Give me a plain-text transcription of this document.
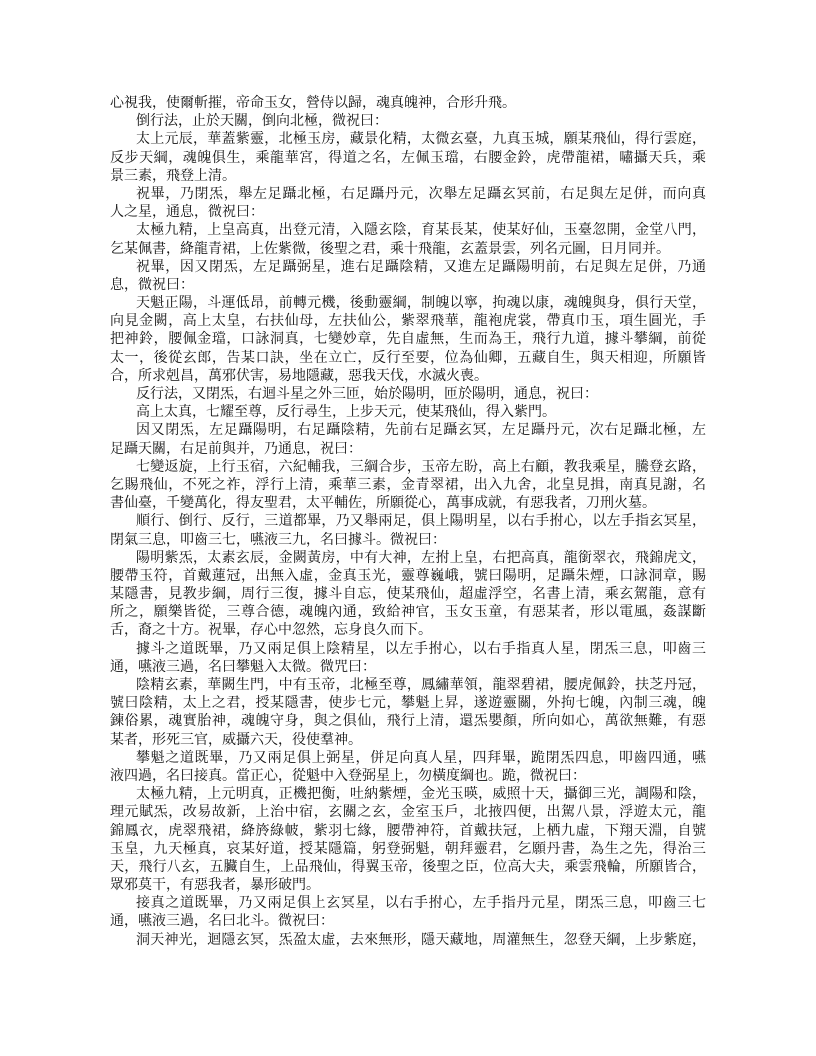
心視我，使爾斬摧，帝命玉女，營侍以歸，魂真魄神，合形升飛。
倒行法，止於天關，倒向北極，微祝曰：
太上元辰，華蓋紫靈，北極玉房，藏景化精，太微玄臺，九真玉城，願某飛仙，得行雲庭，
反步天綱，魂魄俱生，乘龍華宮，得道之名，左佩玉璫，右腰金鈴，虎帶龍裙，嘯攝天兵，乘
景三素，飛登上清。
祝畢，乃閉炁，舉左足躡北極，右足躡丹元，次舉左足躡玄冥前，右足與左足併，而向真
人之星，通息，微祝曰：
太極九精，上皇高真，出登元清，入隱玄陰，育某長某，使某好仙，玉臺忽開，金堂八門，
乞某佩書，絳龍青裙，上佐紫微，後聖之君，乘十飛龍，玄蓋景雲，列名元圖，日月同并。
祝畢，因又閉炁，左足躡弼星，進右足躡陰精，又進左足躡陽明前，右足與左足併，乃通
息，微祝曰：
天魁正陽，斗運低昂，前轉元機，後動靈綱，制魄以寧，拘魂以康，魂魄與身，俱行天堂，
向見金闕，高上太皇，右扶仙母，左扶仙公，紫翠飛華，龍袍虎裳，帶真巾玉，項生圓光，手
把神鈴，腰佩金璫，口詠洞真，七變妙章，先自虛無，生而為王，飛行九道，據斗攀綱，前從
太一，後從玄郎，告某口訣，坐在立亡，反行至要，位為仙卿，五藏自生，與天相迎，所願皆
合，所求剋昌，萬邪伏害，易地隱藏，惡我天伐，水滅火喪。
反行法，又閉炁，右迴斗星之外三匝，始於陽明，匝於陽明，通息，祝曰：
高上太真，七耀至尊，反行尋生，上步天元，使某飛仙，得入紫門。
因又閉炁，左足躡陽明，右足躡陰精，先前右足躡玄冥，左足躡丹元，次右足躡北極，左
足躡天關，右足前與并，乃通息，祝曰：
七變返旋，上行玉宿，六紀輔我，三綱合步，玉帝左盼，高上右顧，教我乘星，騰登玄路，
乞賜飛仙，不死之祚，浮行上清，乘華三素，金青翠裙，出入九舍，北皇見揖，南真見謝，名
書仙臺，千變萬化，得友聖君，太平輔佐，所願從心，萬事成就，有惡我者，刀刑火墓。
順行、倒行、反行，三道都畢，乃又舉兩足，俱上陽明星，以右手拊心，以左手指玄冥星，
閉氣三息，叩齒三七，嚥液三九，名曰據斗。微祝曰：
陽明紫炁，太素玄辰，金闕黃房，中有大神，左拊上皇，右把高真，龍銜翠衣，飛錦虎文，
腰帶玉符，首戴蓮冠，出無入虛，金真玉光，靈尊巍峨，號曰陽明，足躡朱煙，口詠洞章，賜
某隱書，見教步綱，周行三復，據斗自忘，使某飛仙，超虛浮空，名書上清，乘玄駕龍，意有
所之，願樂皆從，三尊合德，魂魄內通，致給神官，玉女玉童，有惡某者，形以電風，姦謀斷
舌，裔之十方。祝畢，存心中忽然，忘身良久而下。
據斗之道既畢，乃又兩足俱上陰精星，以左手拊心，以右手指真人星，閉炁三息，叩齒三
通，嚥液三過，名曰攀魁入太微。微咒曰：
陰精玄素，華闕生門，中有玉帝，北極至尊，鳳繡華領，龍翠碧裙，腰虎佩鈴，扶芝丹冠，
號曰陰精，太上之君，授某隱書，使步七元，攀魁上昇，遂遊靈關，外拘七魄，內制三魂，魄
鍊俗累，魂實胎神，魂魄守身，與之俱仙，飛行上清，還炁嬰顏，所向如心，萬欲無難，有惡
某者，形死三官，威攝六天，役使羣神。
攀魁之道既畢，乃又兩足俱上弼星，併足向真人星，四拜畢，跪閉炁四息，叩齒四通，嚥
液四過，名曰接真。當正心，從魁中入登弼星上，勿橫度綱也。跪，微祝曰：
太極九精，上元明真，正機把衡，吐納紫煙，金光玉暎，威照十天，攝御三光，調陽和陰，
理元賦炁，改易故新，上治中宿，玄關之玄，金室玉戶，北掖四便，出駕八景，浮遊太元，龍
錦鳳衣，虎翠飛裙，絳旍綠帔，紫羽七緣，腰帶神符，首戴扶冠，上栖九虛，下翔天淵，自號
玉皇，九天極真，哀某好道，授某隱篇，躬登弼魁，朝拜靈君，乞願丹書，為生之先，得治三
天，飛行八玄，五臟自生，上品飛仙，得翼玉帝，後聖之臣，位高大夫，乘雲飛輪，所願皆合，
眾邪莫干，有惡我者，暴形破門。
接真之道既畢，乃又兩足俱上玄冥星，以右手拊心，左手指丹元星，閉炁三息，叩齒三七
通，嚥液三過，名曰北斗。微祝曰：
洞天神光，迴隱玄冥，炁盈太虛，去來無形，隱天藏地，周灌無生，忽登天綱，上步紫庭，
